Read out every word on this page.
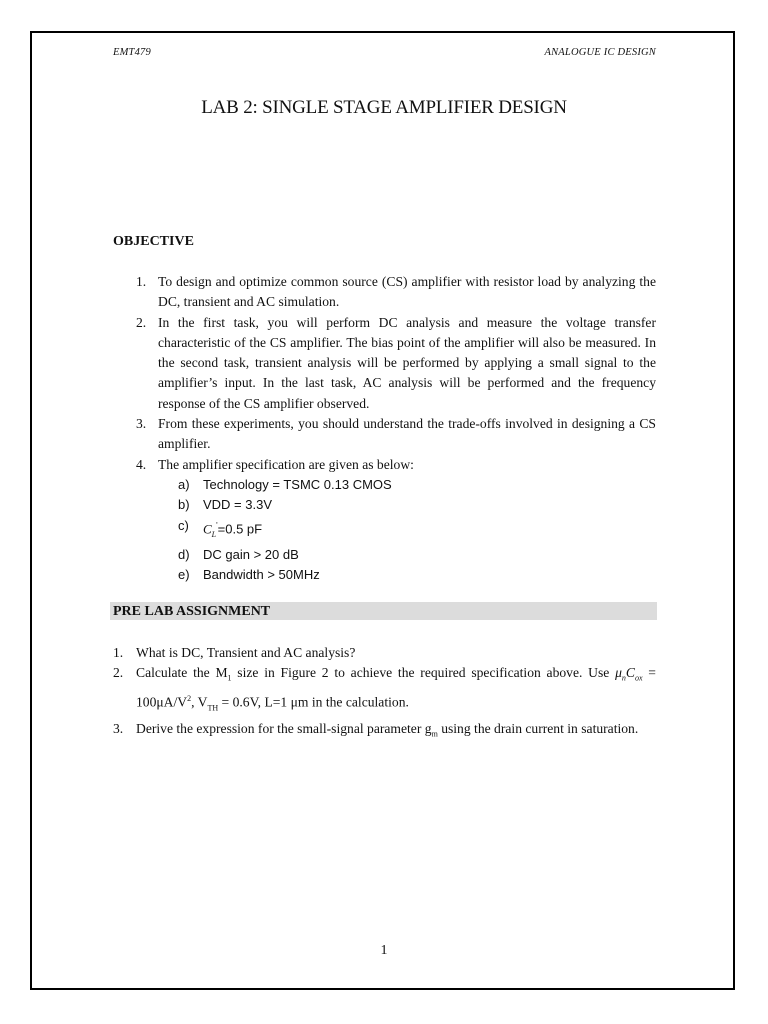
EMT479	ANALOGUE IC DESIGN
LAB 2: SINGLE STAGE AMPLIFIER DESIGN
OBJECTIVE
1. To design and optimize common source (CS) amplifier with resistor load by analyzing the DC, transient and AC simulation.
2. In the first task, you will perform DC analysis and measure the voltage transfer characteristic of the CS amplifier. The bias point of the amplifier will also be measured. In the second task, transient analysis will be performed by applying a small signal to the amplifier’s input. In the last task, AC analysis will be performed and the frequency response of the CS amplifier observed.
3. From these experiments, you should understand the trade-offs involved in designing a CS amplifier.
4. The amplifier specification are given as below:
a) Technology = TSMC 0.13 CMOS
b) VDD = 3.3V
c) $C_L'=0.5$ pF
d) DC gain > 20 dB
e) Bandwidth > 50MHz
PRE LAB ASSIGNMENT
1. What is DC, Transient and AC analysis?
2. Calculate the $M_1$ size in Figure 2 to achieve the required specification above. Use $\mu_nC_{ox} = 100\mu A/V^2$, $V_{TH} = 0.6V$, L=1 μm in the calculation.
3. Derive the expression for the small-signal parameter $g_m$ using the drain current in saturation.
1
